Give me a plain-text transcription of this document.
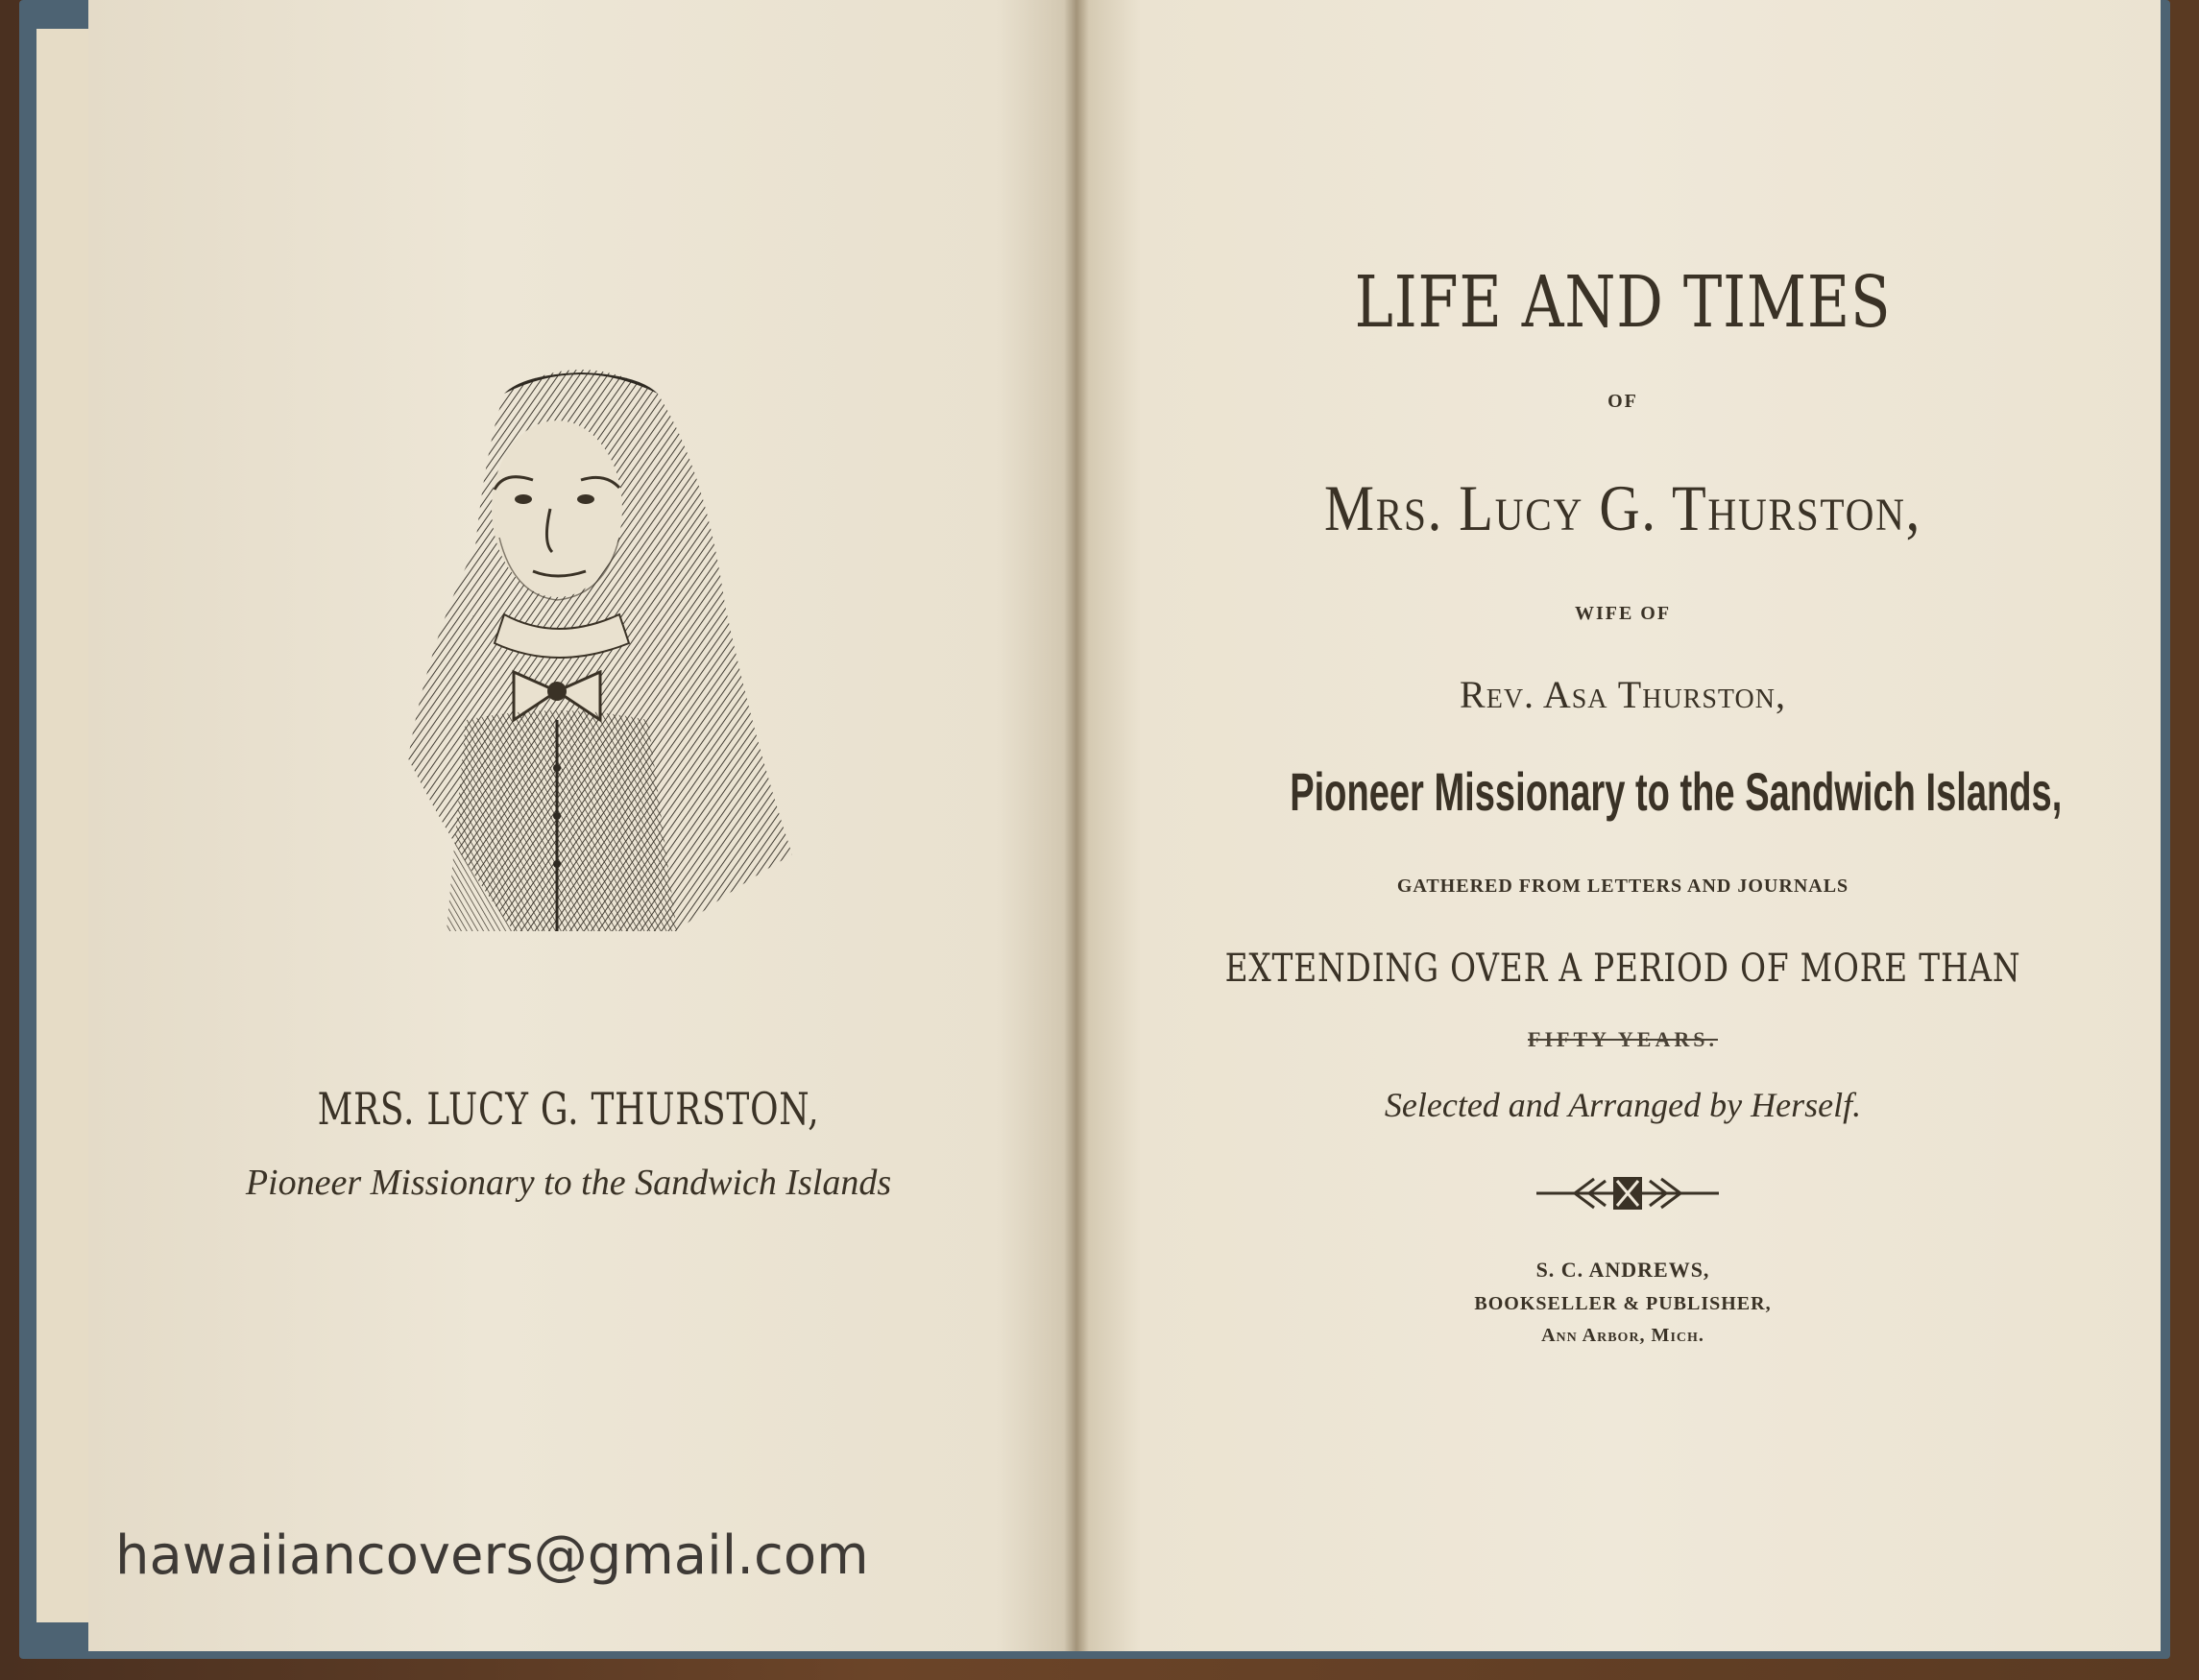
MRS. LUCY G. THURSTON,
Pioneer Missionary to the Sandwich Islands
hawaiiancovers@gmail.com
LIFE AND TIMES
OF
Mrs. Lucy G. Thurston,
WIFE OF
Rev. Asa Thurston,
Pioneer Missionary to the Sandwich Islands,
GATHERED FROM LETTERS AND JOURNALS
EXTENDING OVER A PERIOD OF MORE THAN
FIFTY YEARS.
Selected and Arranged by Herself.
S. C. ANDREWS,
BOOKSELLER & PUBLISHER,
Ann Arbor, Mich.
